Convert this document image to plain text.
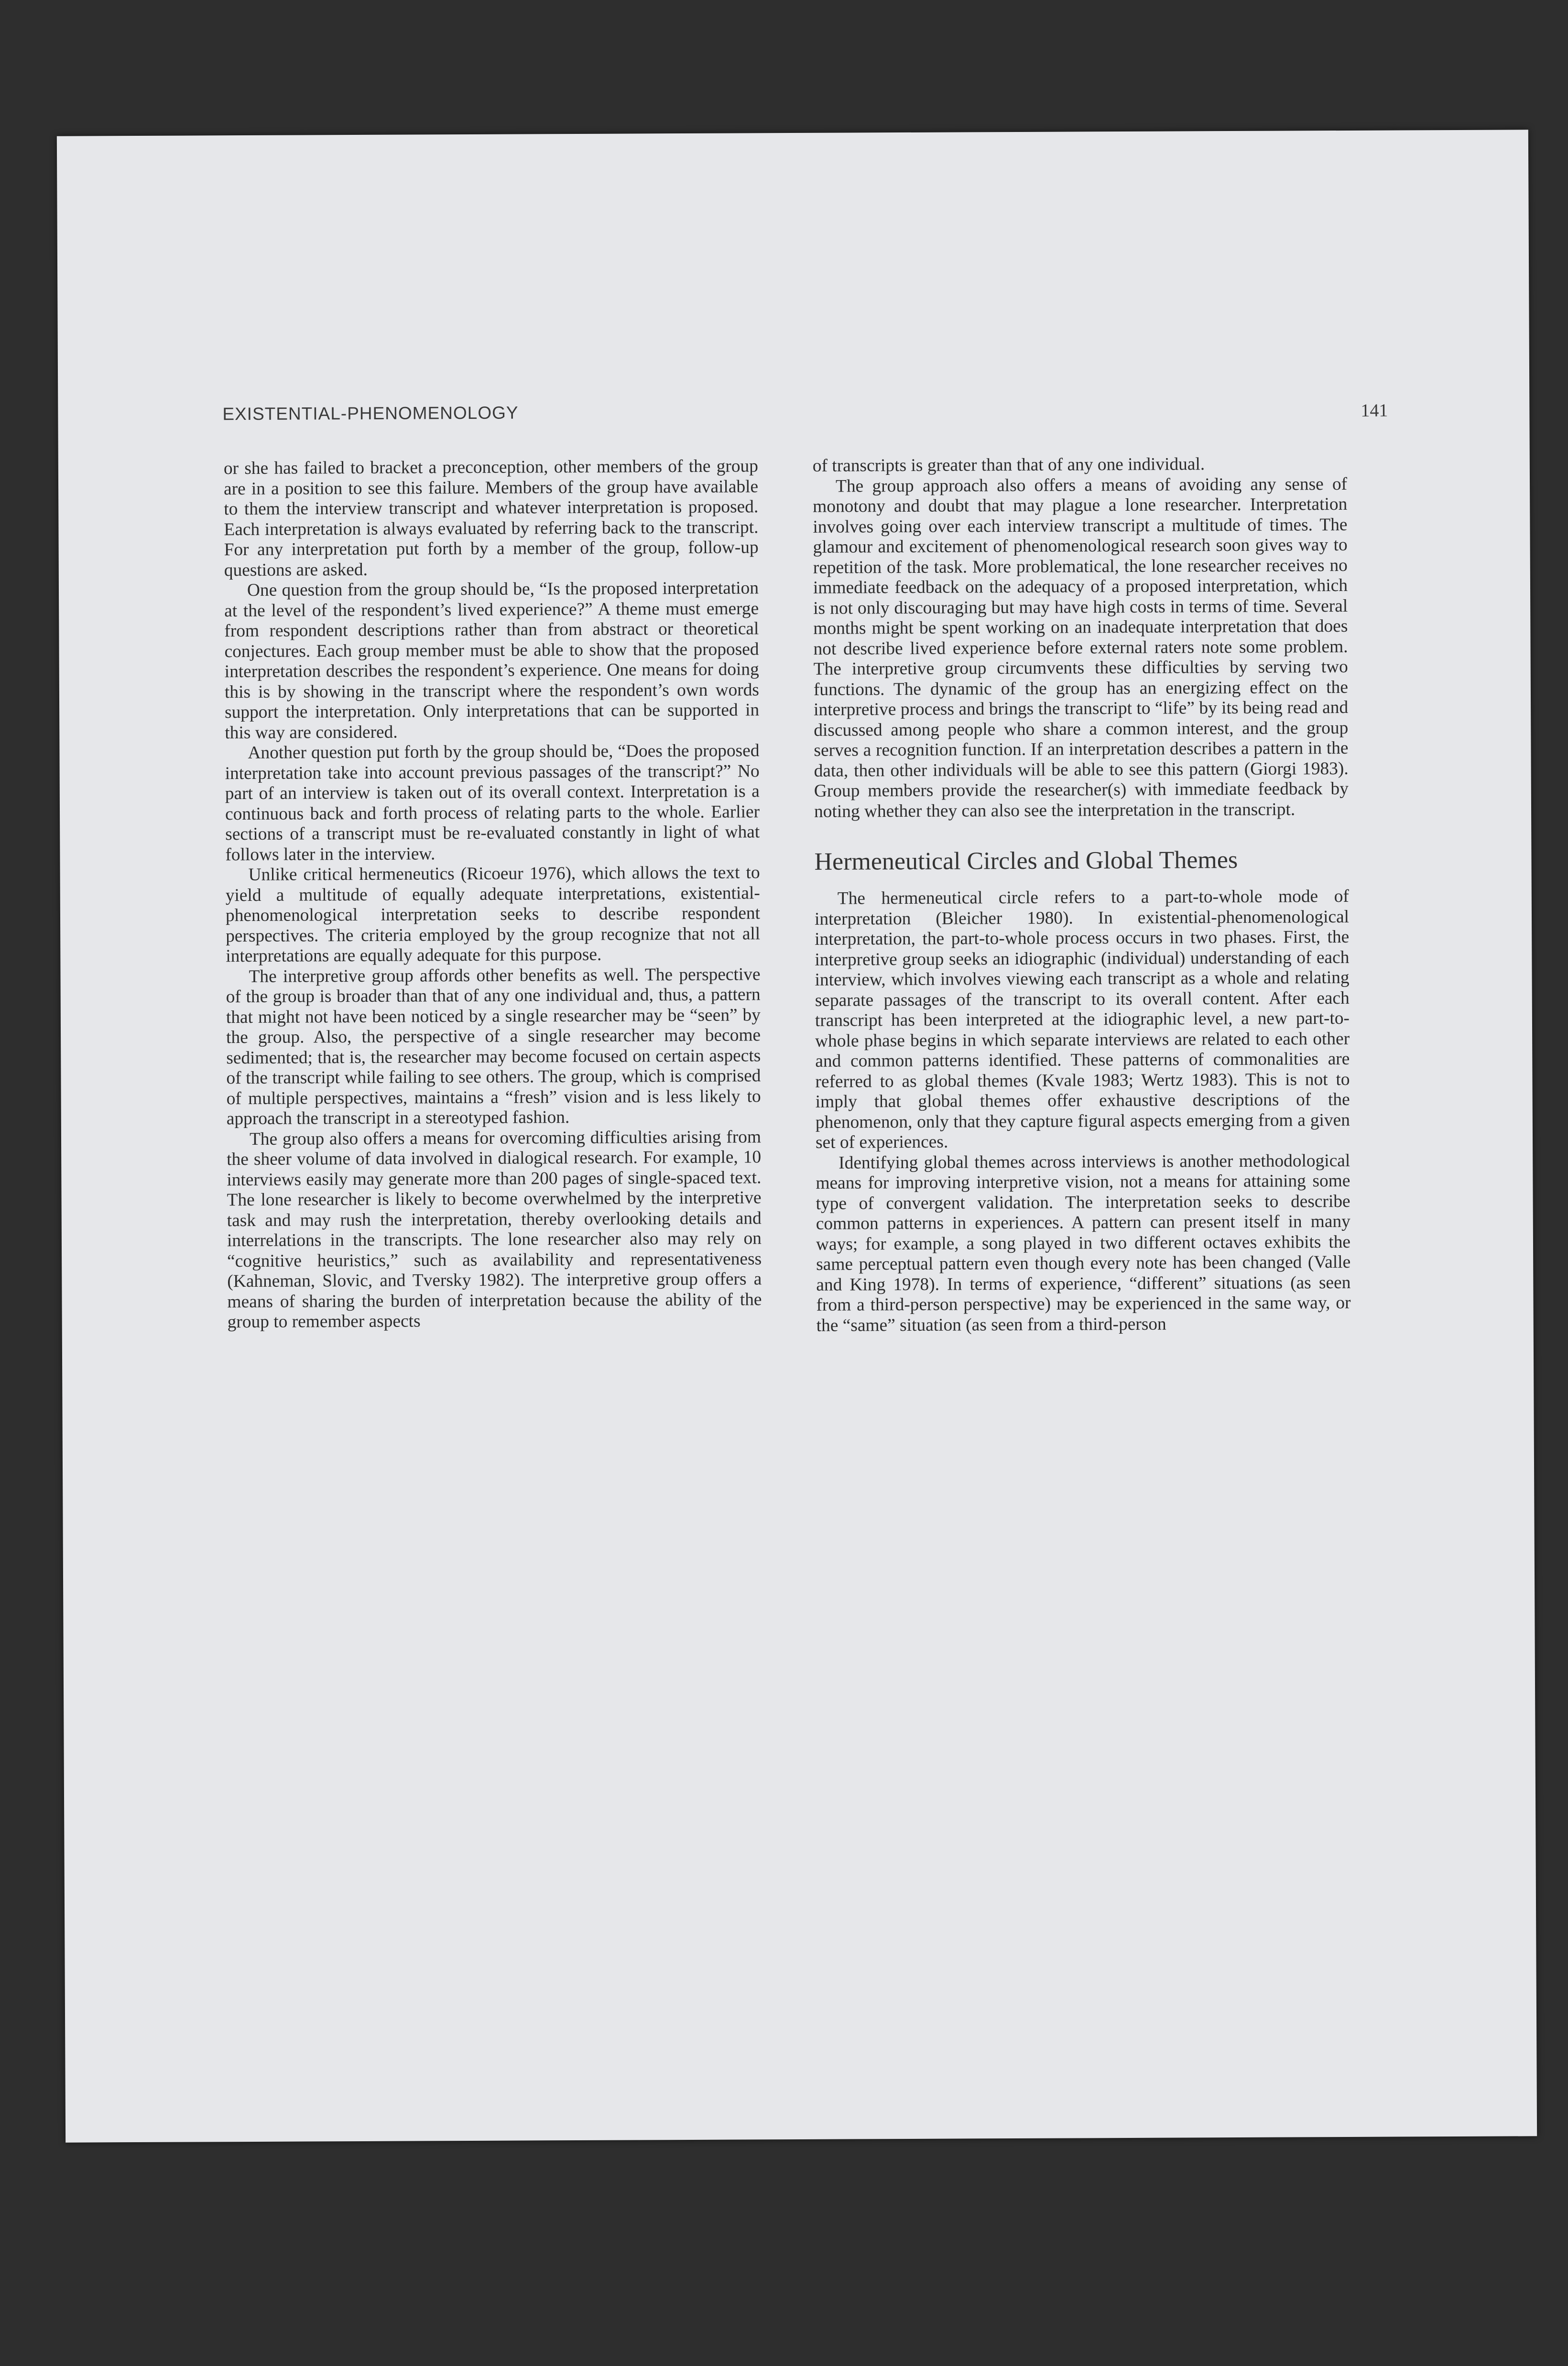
EXISTENTIAL-PHENOMENOLOGY	141

or she has failed to bracket a preconception, other members of the group are in a position to see this failure. Members of the group have available to them the interview transcript and whatever interpretation is proposed. Each interpretation is always evaluated by referring back to the transcript. For any interpretation put forth by a member of the group, follow-up questions are asked.

One question from the group should be, “Is the proposed interpretation at the level of the respondent’s lived experience?” A theme must emerge from respondent descriptions rather than from abstract or theoretical conjectures. Each group member must be able to show that the proposed interpretation describes the respondent’s experience. One means for doing this is by showing in the transcript where the respondent’s own words support the interpretation. Only interpretations that can be supported in this way are considered.

Another question put forth by the group should be, “Does the proposed interpretation take into account previous passages of the transcript?” No part of an interview is taken out of its overall context. Interpretation is a continuous back and forth process of relating parts to the whole. Earlier sections of a transcript must be re-evaluated constantly in light of what follows later in the interview.

Unlike critical hermeneutics (Ricoeur 1976), which allows the text to yield a multitude of equally adequate interpretations, existential-phenomenological interpretation seeks to describe respondent perspectives. The criteria employed by the group recognize that not all interpretations are equally adequate for this purpose.

The interpretive group affords other benefits as well. The perspective of the group is broader than that of any one individual and, thus, a pattern that might not have been noticed by a single researcher may be “seen” by the group. Also, the perspective of a single researcher may become sedimented; that is, the researcher may become focused on certain aspects of the transcript while failing to see others. The group, which is comprised of multiple perspectives, maintains a “fresh” vision and is less likely to approach the transcript in a stereotyped fashion.

The group also offers a means for overcoming difficulties arising from the sheer volume of data involved in dialogical research. For example, 10 interviews easily may generate more than 200 pages of single-spaced text. The lone researcher is likely to become overwhelmed by the interpretive task and may rush the interpretation, thereby overlooking details and interrelations in the transcripts. The lone researcher also may rely on “cognitive heuristics,” such as availability and representativeness (Kahneman, Slovic, and Tversky 1982). The interpretive group offers a means of sharing the burden of interpretation because the ability of the group to remember aspects

of transcripts is greater than that of any one individual.

The group approach also offers a means of avoiding any sense of monotony and doubt that may plague a lone researcher. Interpretation involves going over each interview transcript a multitude of times. The glamour and excitement of phenomenological research soon gives way to repetition of the task. More problematical, the lone researcher receives no immediate feedback on the adequacy of a proposed interpretation, which is not only discouraging but may have high costs in terms of time. Several months might be spent working on an inadequate interpretation that does not describe lived experience before external raters note some problem. The interpretive group circumvents these difficulties by serving two functions. The dynamic of the group has an energizing effect on the interpretive process and brings the transcript to “life” by its being read and discussed among people who share a common interest, and the group serves a recognition function. If an interpretation describes a pattern in the data, then other individuals will be able to see this pattern (Giorgi 1983). Group members provide the researcher(s) with immediate feedback by noting whether they can also see the interpretation in the transcript.

Hermeneutical Circles and Global Themes

The hermeneutical circle refers to a part-to-whole mode of interpretation (Bleicher 1980). In existential-phenomenological interpretation, the part-to-whole process occurs in two phases. First, the interpretive group seeks an idiographic (individual) understanding of each interview, which involves viewing each transcript as a whole and relating separate passages of the transcript to its overall content. After each transcript has been interpreted at the idiographic level, a new part-to-whole phase begins in which separate interviews are related to each other and common patterns identified. These patterns of commonalities are referred to as global themes (Kvale 1983; Wertz 1983). This is not to imply that global themes offer exhaustive descriptions of the phenomenon, only that they capture figural aspects emerging from a given set of experiences.

Identifying global themes across interviews is another methodological means for improving interpretive vision, not a means for attaining some type of convergent validation. The interpretation seeks to describe common patterns in experiences. A pattern can present itself in many ways; for example, a song played in two different octaves exhibits the same perceptual pattern even though every note has been changed (Valle and King 1978). In terms of experience, “different” situations (as seen from a third-person perspective) may be experienced in the same way, or the “same” situation (as seen from a third-person
